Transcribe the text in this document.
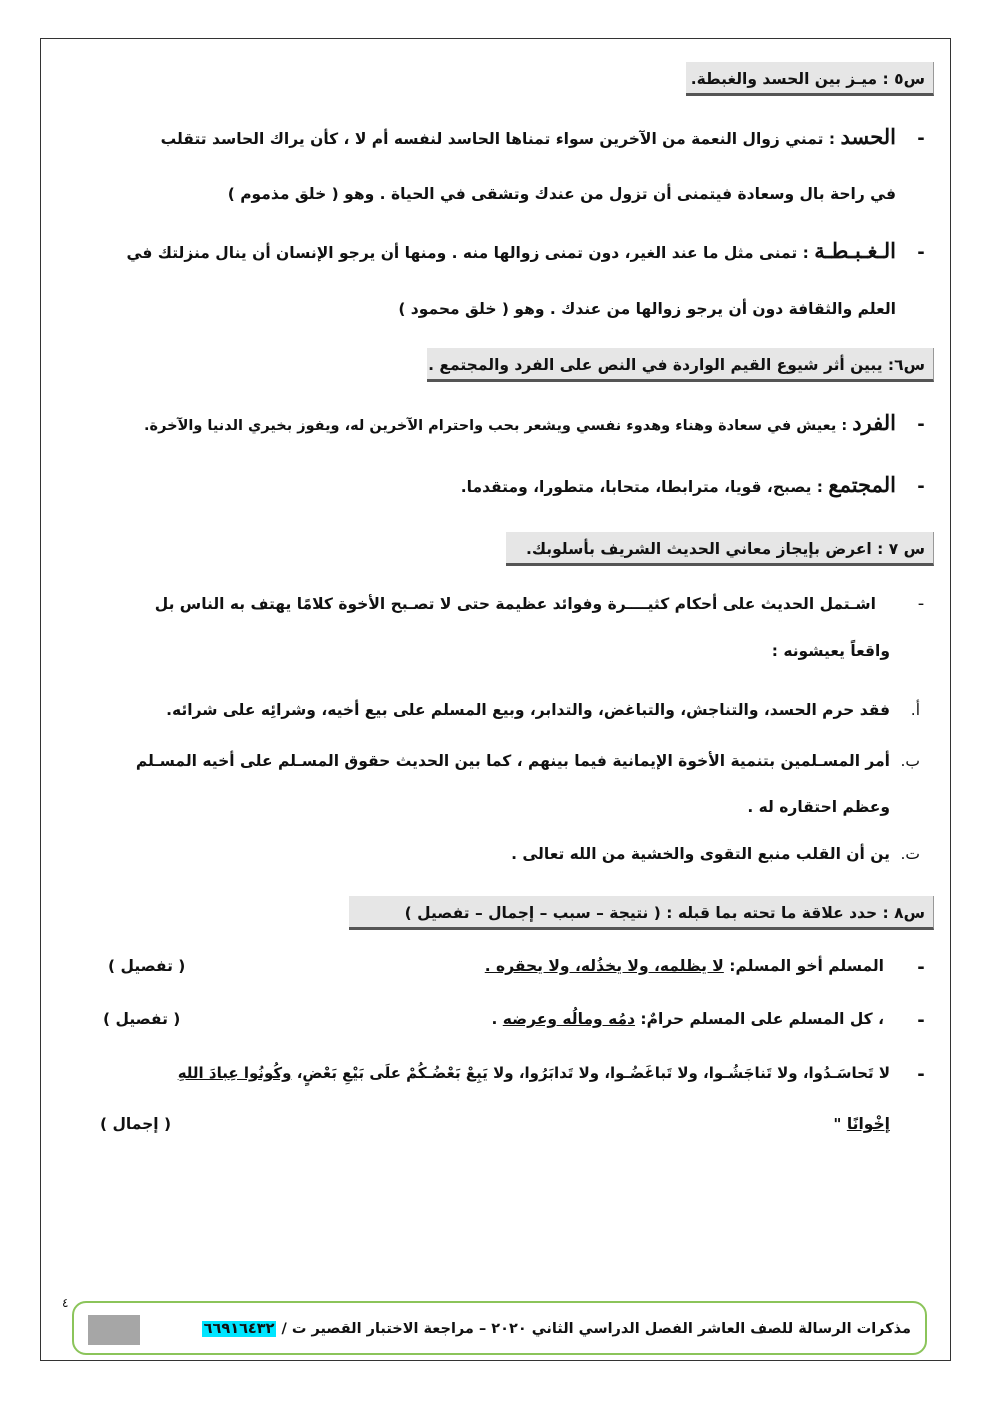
س٥ : ميـز بين الحسد والغبطة.
-
الحسد : تمني زوال النعمة من الآخرين سواء تمناها الحاسد لنفسه أم لا ، كأن يراك الحاسد تتقلب
في راحة بال وسعادة فيتمنى أن تزول من عندك وتشقى في الحياة . وهو ( خلق مذموم )
-
الـغـبـطـة : تمنى مثل ما عند الغير، دون تمنى زوالها منه . ومنها أن يرجو الإنسان أن ينال منزلتك في
العلم والثقافة دون أن يرجو زوالها من عندك . وهو ( خلق محمود )
س٦: يبين أثر شيوع القيم الواردة في النص على الفرد والمجتمع .
-
الفرد : يعيش في سعادة وهناء وهدوء نفسي ويشعر بحب واحترام الآخرين له، ويفوز بخيري الدنيا والآخرة.
-
المجتمع : يصبح، قويا، مترابطا، متحابا، متطورا، ومتقدما.
س ٧ : اعرض بإيجاز معاني الحديث الشريف بأسلوبك.
-
اشـتمل الحديث على أحكام كثيــــرة وفوائد عظيمة حتى لا تصـبح الأخوة كلامًا يهتف به الناس بل
واقعاً يعيشونه :
أ.
فقد حرم الحسد، والتناجش، والتباغض، والتدابر، وبيع المسلم على بيع أخيه، وشرائِه على شرائه.
ب.
أمر المسـلمين بتنمية الأخوة الإيمانية فيما بينهم ، كما بين الحديث حقوق المسـلم على أخيه المسـلم
وعظم احتقاره له .
ت.
ين أن القلب منبع التقوى والخشية من الله تعالى .
س٨ : حدد علاقة ما تحته بما قبله : ( نتيجة – سبب – إجمال – تفصيل )
-
المسلم أخو المسلم: لا يظلمه، ولا يخذُله، ولا يحقره .
( تفصيل )
-
، كل المسلم على المسلم حرامٌ: دمُه ومالُه وعرضه .
( تفصيل )
-
لا تَحاسَـدُوا، ولا تَناجَشُـوا، ولا تَباغَضُـوا، ولا تَدابَرُوا، ولا يَبِعْ بَعْضُـكُمْ علَى بَيْعِ بَعْضٍ، وكُونُوا عِبادَ اللهِ
إخْوانًا "
( إجمال )
٤
مذكرات الرسالة للصف العاشر الفصل الدراسي الثاني ٢٠٢٠ – مراجعة الاختبار القصير ت / ٦٦٩١٦٤٣٢
